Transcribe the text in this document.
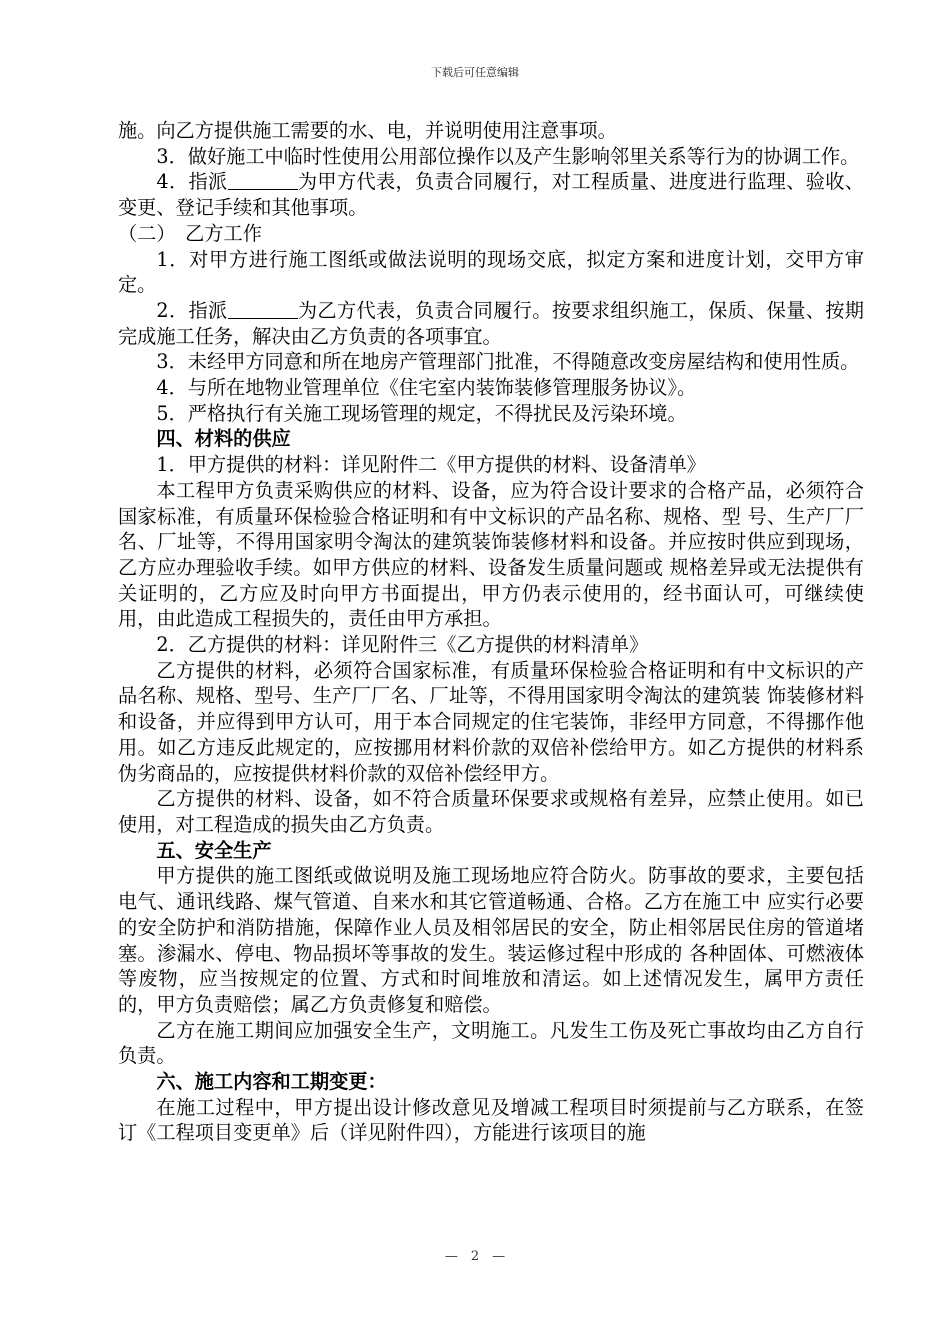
下载后可任意编辑

施。向乙方提供施工需要的水、电，并说明使用注意事项。

3．做好施工中临时性使用公用部位操作以及产生影响邻里关系等行为的协调工作。

4．指派	为甲方代表，负责合同履行，对工程质量、进度进行监理、验收、变更、登记手续和其他事项。

（二）　乙方工作

1．对甲方进行施工图纸或做法说明的现场交底，拟定方案和进度计划，交甲方审定。

2．指派	为乙方代表，负责合同履行。按要求组织施工，保质、保量、按期完成施工任务，解决由乙方负责的各项事宜。

3．未经甲方同意和所在地房产管理部门批准，不得随意改变房屋结构和使用性质。

4．与所在地物业管理单位《住宅室内装饰装修管理服务协议》。

5．严格执行有关施工现场管理的规定，不得扰民及污染环境。

四、材料的供应

1．甲方提供的材料：详见附件二《甲方提供的材料、设备清单》

本工程甲方负责采购供应的材料、设备，应为符合设计要求的合格产品，必须符合国家标准，有质量环保检验合格证明和有中文标识的产品名称、规格、型 号、生产厂厂名、厂址等，不得用国家明令淘汰的建筑装饰装修材料和设备。并应按时供应到现场，乙方应办理验收手续。如甲方供应的材料、设备发生质量问题或 规格差异或无法提供有关证明的，乙方应及时向甲方书面提出，甲方仍表示使用的，经书面认可，可继续使用，由此造成工程损失的，责任由甲方承担。

2．乙方提供的材料：详见附件三《乙方提供的材料清单》

乙方提供的材料，必须符合国家标准，有质量环保检验合格证明和有中文标识的产品名称、规格、型号、生产厂厂名、厂址等，不得用国家明令淘汰的建筑装 饰装修材料和设备，并应得到甲方认可，用于本合同规定的住宅装饰，非经甲方同意，不得挪作他用。如乙方违反此规定的，应按挪用材料价款的双倍补偿给甲方。如乙方提供的材料系伪劣商品的，应按提供材料价款的双倍补偿经甲方。

乙方提供的材料、设备，如不符合质量环保要求或规格有差异，应禁止使用。如已使用，对工程造成的损失由乙方负责。

五、安全生产

甲方提供的施工图纸或做说明及施工现场地应符合防火。防事故的要求，主要包括电气、通讯线路、煤气管道、自来水和其它管道畅通、合格。乙方在施工中 应实行必要的安全防护和消防措施，保障作业人员及相邻居民的安全，防止相邻居民住房的管道堵塞。渗漏水、停电、物品损坏等事故的发生。装运修过程中形成的 各种固体、可燃液体等废物，应当按规定的位置、方式和时间堆放和清运。如上述情况发生，属甲方责任的，甲方负责赔偿；属乙方负责修复和赔偿。

乙方在施工期间应加强安全生产，文明施工。凡发生工伤及死亡事故均由乙方自行负责。

六、施工内容和工期变更：

在施工过程中，甲方提出设计修改意见及增减工程项目时须提前与乙方联系，在签订《工程项目变更单》后（详见附件四），方能进行该项目的施

—　2　—
